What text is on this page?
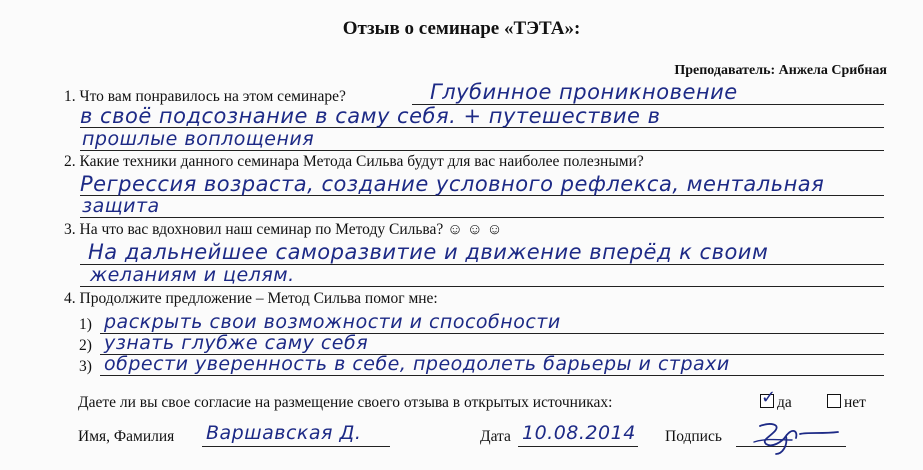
Отзыв о семинаре «ТЭТА»:
Преподаватель: Анжела Срибная
1. Что вам понравилось на этом семинаре?	Глубинное проникновение
в своё подсознание в саму себя. + путешествие в
прошлые воплощения
2. Какие техники данного семинара Метода Сильва будут для вас наиболее полезными?
Регрессия возраста, создание условного рефлекса, ментальная
защита
3. На что вас вдохновил наш семинар по Методу Сильва? ☺ ☺ ☺
На дальнейшее саморазвитие и движение вперёд к своим
желаниям и целям.
4. Продолжите предложение – Метод Сильва помог мне:
1) раскрыть свои возможности и способности
2) узнать глубже саму себя
3) обрести уверенность в себе, преодолеть барьеры и страхи
Даете ли вы свое согласие на размещение своего отзыва в открытых источниках:	✓ да	нет
Имя, Фамилия Варшавская Д.	Дата 10.08.2014 Подпись
